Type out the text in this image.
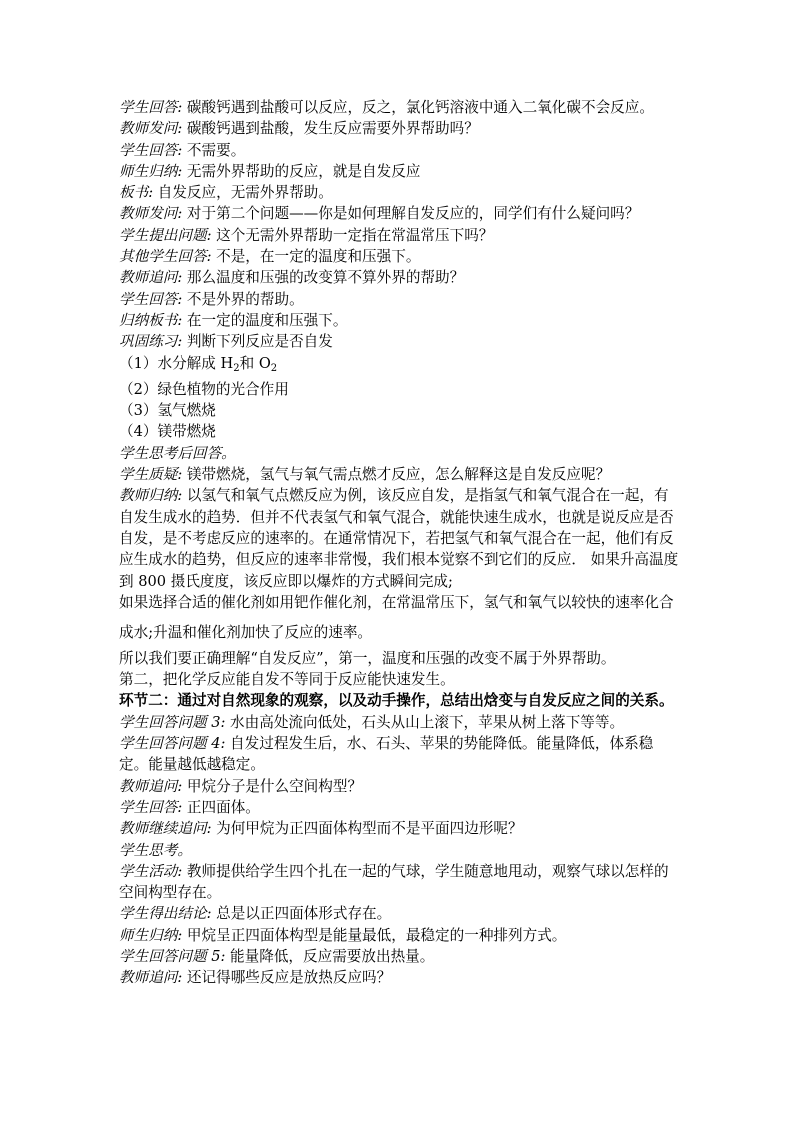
学生回答: 碳酸钙遇到盐酸可以反应，反之，氯化钙溶液中通入二氧化碳不会反应。

教师发问: 碳酸钙遇到盐酸，发生反应需要外界帮助吗？

学生回答: 不需要。

师生归纳: 无需外界帮助的反应，就是自发反应

板书: 自发反应，无需外界帮助。

教师发问: 对于第二个问题——你是如何理解自发反应的，同学们有什么疑问吗？

学生提出问题: 这个无需外界帮助一定指在常温常压下吗？

其他学生回答: 不是，在一定的温度和压强下。

教师追问: 那么温度和压强的改变算不算外界的帮助？

学生回答: 不是外界的帮助。

归纳板书: 在一定的温度和压强下。

巩固练习: 判断下列反应是否自发

（1）水分解成 $H_2$和 $O_2$

（2）绿色植物的光合作用

（3）氢气燃烧

（4）镁带燃烧

学生思考后回答。

学生质疑: 镁带燃烧，氢气与氧气需点燃才反应，怎么解释这是自发反应呢？

教师归纳: 以氢气和氧气点燃反应为例，该反应自发，是指氢气和氧气混合在一起，有自发生成水的趋势．但并不代表氢气和氧气混合，就能快速生成水，也就是说反应是否自发，是不考虑反应的速率的。在通常情况下，若把氢气和氧气混合在一起，他们有反应生成水的趋势，但反应的速率非常慢，我们根本觉察不到它们的反应． 如果升高温度到 800 摄氏度度，该反应即以爆炸的方式瞬间完成;

如果选择合适的催化剂如用钯作催化剂，在常温常压下，氢气和氧气以较快的速率化合成水;升温和催化剂加快了反应的速率。

所以我们要正确理解“自发反应”，第一，温度和压强的改变不属于外界帮助。

第二，把化学反应能自发不等同于反应能快速发生。

环节二：通过对自然现象的观察，以及动手操作，总结出焓变与自发反应之间的关系。

学生回答问题 3: 水由高处流向低处，石头从山上滚下，苹果从树上落下等等。

学生回答问题 4: 自发过程发生后，水、石头、苹果的势能降低。能量降低，体系稳定。能量越低越稳定。

教师追问: 甲烷分子是什么空间构型？

学生回答: 正四面体。

教师继续追问: 为何甲烷为正四面体构型而不是平面四边形呢？

学生思考。

学生活动: 教师提供给学生四个扎在一起的气球，学生随意地甩动，观察气球以怎样的空间构型存在。

学生得出结论: 总是以正四面体形式存在。

师生归纳: 甲烷呈正四面体构型是能量最低，最稳定的一种排列方式。

学生回答问题 5: 能量降低，反应需要放出热量。

教师追问: 还记得哪些反应是放热反应吗？
